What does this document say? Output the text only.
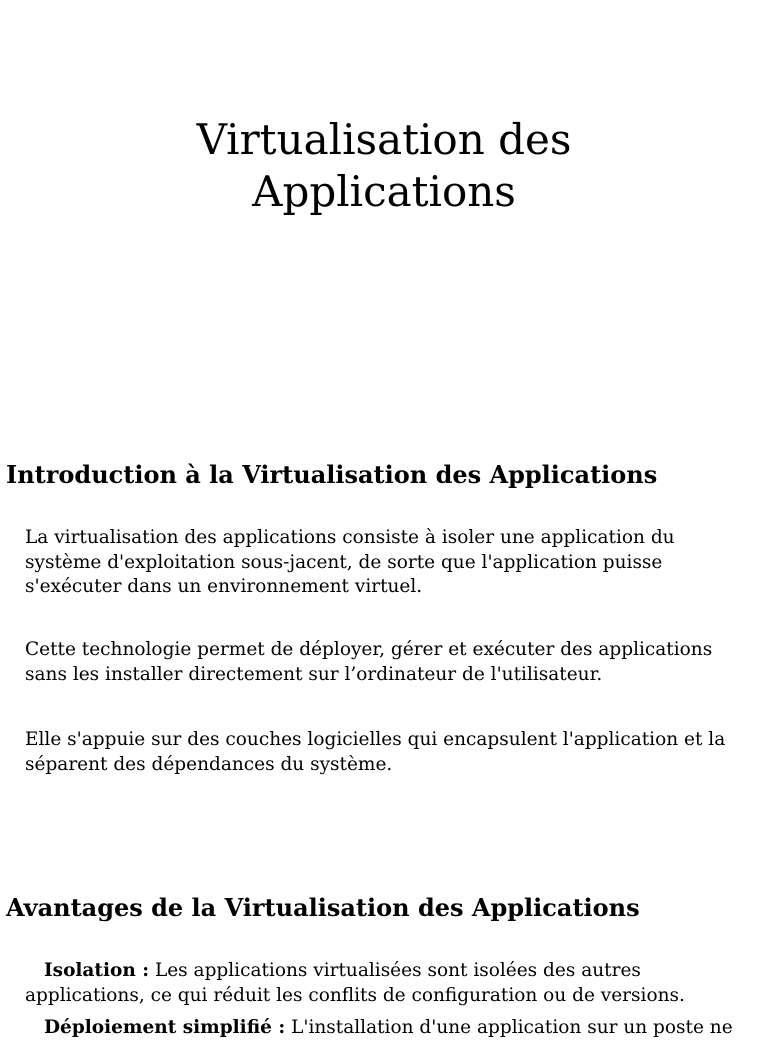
Virtualisation des
Applications
Introduction à la Virtualisation des Applications

La virtualisation des applications consiste à isoler une application du système d'exploitation sous-jacent, de sorte que l'application puisse s'exécuter dans un environnement virtuel.

Cette technologie permet de déployer, gérer et exécuter des applications sans les installer directement sur l’ordinateur de l'utilisateur.

Elle s'appuie sur des couches logicielles qui encapsulent l'application et la sépare​nt des dépendances du système.

Avantages de la Virtualisation des Applications

Isolation : Les applications virtualisées sont isolées des autres applications, ce qui réduit les conflits de configuration ou de versions.

Déploiement simplifié : L'installation d'une application sur un poste ne
